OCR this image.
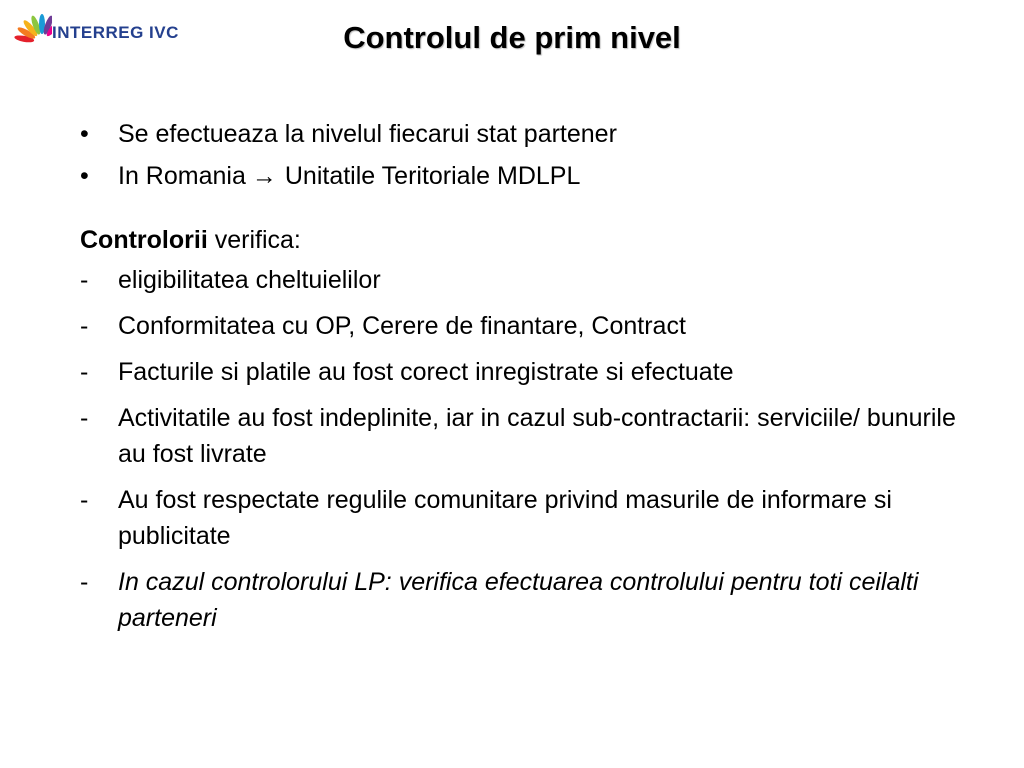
INTERREG IVC	Controlul de prim nivel
• Se efectueaza la nivelul fiecarui stat partener
• In Romania → Unitatile Teritoriale MDLPL
Controlorii verifica:
- eligibilitatea cheltuielilor
- Conformitatea cu OP, Cerere de finantare, Contract
- Facturile si platile au fost corect inregistrate si efectuate
- Activitatile au fost indeplinite, iar in cazul sub-contractarii: serviciile/ bunurile au fost livrate
- Au fost respectate regulile comunitare privind masurile de informare si publicitate
- In cazul controlorului LP: verifica efectuarea controlului pentru toti ceilalti parteneri
